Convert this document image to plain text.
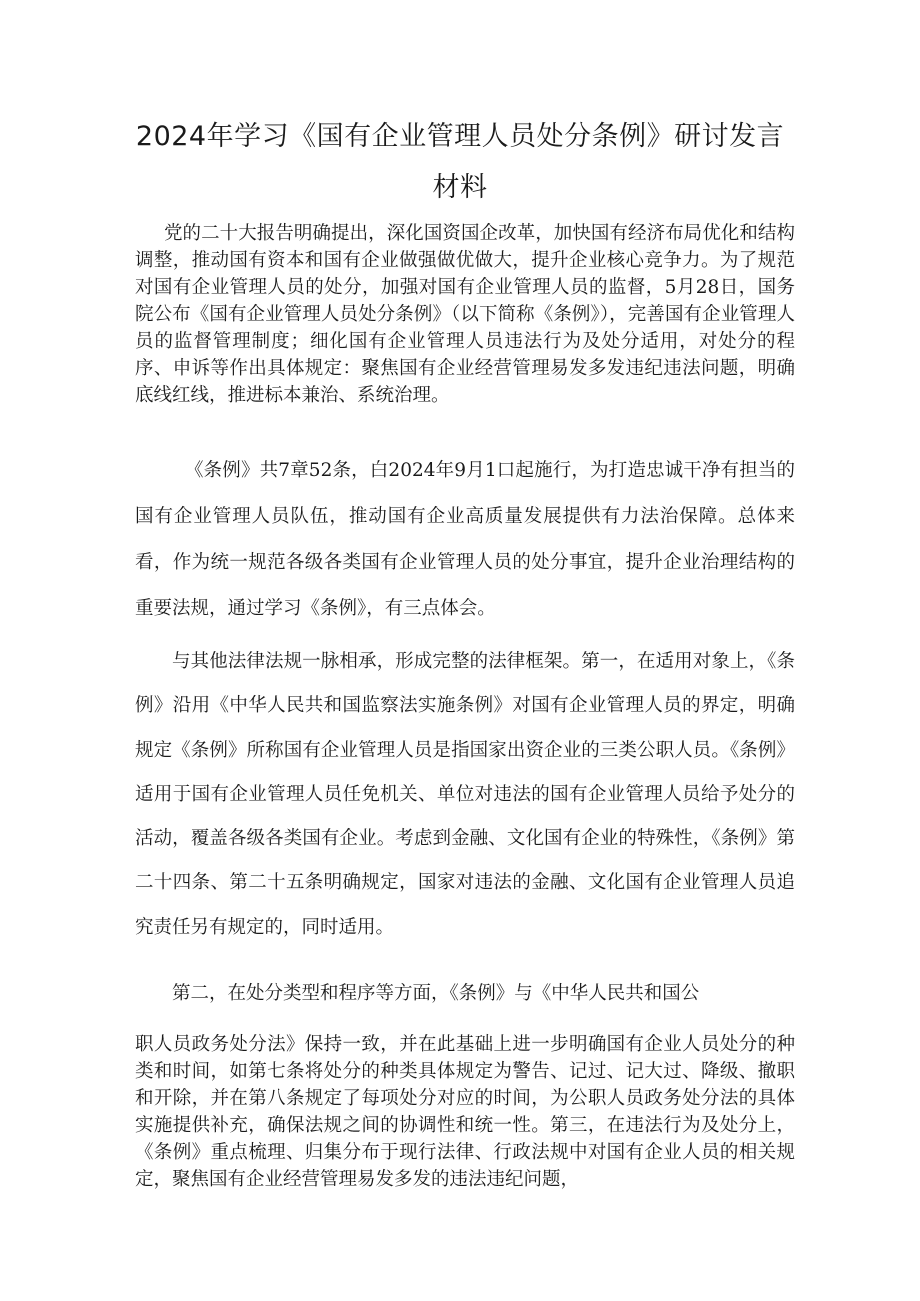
2024年学习《国有企业管理人员处分条例》研讨发言
材料

党的二十大报告明确提出，深化国资国企改革，加快国有经济布局优化和结构调整，推动国有资本和国有企业做强做优做大，提升企业核心竞争力。为了规范对国有企业管理人员的处分，加强对国有企业管理人员的监督，5月28日，国务院公布《国有企业管理人员处分条例》（以下简称《条例》），完善国有企业管理人员的监督管理制度；细化国有企业管理人员违法行为及处分适用，对处分的程序、申诉等作出具体规定：聚焦国有企业经营管理易发多发违纪违法问题，明确底线红线，推进标本兼治、系统治理。

《条例》共7章52条，白2024年9月1口起施行，为打造忠诚干净有担当的国有企业管理人员队伍，推动国有企业高质量发展提供有力法治保障。总体来看，作为统一规范各级各类国有企业管理人员的处分事宜，提升企业治理结构的重要法规，通过学习《条例》，有三点体会。

与其他法律法规一脉相承，形成完整的法律框架。第一，在适用对象上，《条例》沿用《中华人民共和国监察法实施条例》对国有企业管理人员的界定，明确规定《条例》所称国有企业管理人员是指国家出资企业的三类公职人员。《条例》适用于国有企业管理人员任免机关、单位对违法的国有企业管理人员给予处分的活动，覆盖各级各类国有企业。考虑到金融、文化国有企业的特殊性，《条例》第二十四条、第二十五条明确规定，国家对违法的金融、文化国有企业管理人员追究责任另有规定的，同时适用。

第二，在处分类型和程序等方面，《条例》与《中华人民共和国公

职人员政务处分法》保持一致，并在此基础上进一步明确国有企业人员处分的种类和时间，如第七条将处分的种类具体规定为警告、记过、记大过、降级、撤职和开除，并在第八条规定了每项处分对应的时间，为公职人员政务处分法的具体实施提供补充，确保法规之间的协调性和统一性。第三，在违法行为及处分上，《条例》重点梳理、归集分布于现行法律、行政法规中对国有企业人员的相关规定，聚焦国有企业经营管理易发多发的违法违纪问题，
